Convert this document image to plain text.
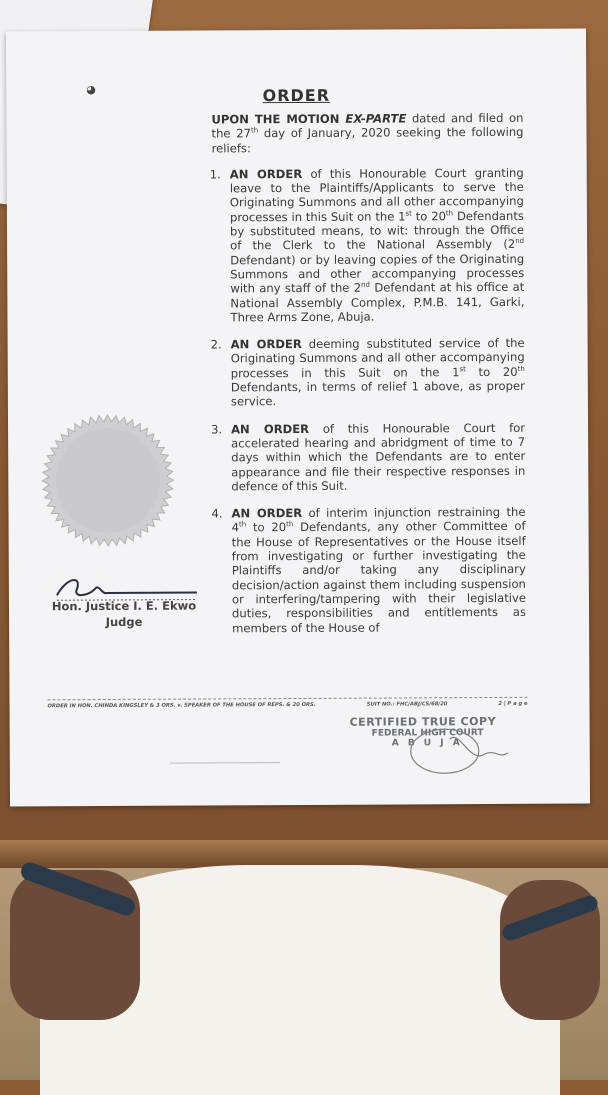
◕	ORDER

UPON THE MOTION EX-PARTE dated and filed on the 27th day of January, 2020 seeking the following reliefs:

1. AN ORDER of this Honourable Court granting leave to the Plaintiffs/Applicants to serve the Originating Summons and all other accompanying processes in this Suit on the 1st to 20th Defendants by substituted means, to wit: through the Office of the Clerk to the National Assembly (2nd Defendant) or by leaving copies of the Originating Summons and other accompanying processes with any staff of the 2nd Defendant at his office at National Assembly Complex, P.M.B. 141, Garki, Three Arms Zone, Abuja.
2. AN ORDER deeming substituted service of the Originating Summons and all other accompanying processes in this Suit on the 1st to 20th Defendants, in terms of relief 1 above, as proper service.
3. AN ORDER of this Honourable Court for accelerated hearing and abridgment of time to 7 days within which the Defendants are to enter appearance and file their respective responses in defence of this Suit.
4. AN ORDER of interim injunction restraining the 4th to 20th Defendants, any other Committee of the House of Representatives or the House itself from investigating or further investigating the Plaintiffs and/or taking any disciplinary decision/action against them including suspension or interfering/tampering with their legislative duties, responsibilities and entitlements as members of the House of
Hon. Justice I. E. Ekwo
Judge
ORDER IN HON. CHINDA KINGSLEY & 3 ORS. v. SPEAKER OF THE HOUSE OF REPS. & 20 ORS.	SUIT NO.: FHC/ABJ/CS/68/20	2 | P a g e
CERTIFIED TRUE COPY
FEDERAL HIGH COURT
A B U J A
